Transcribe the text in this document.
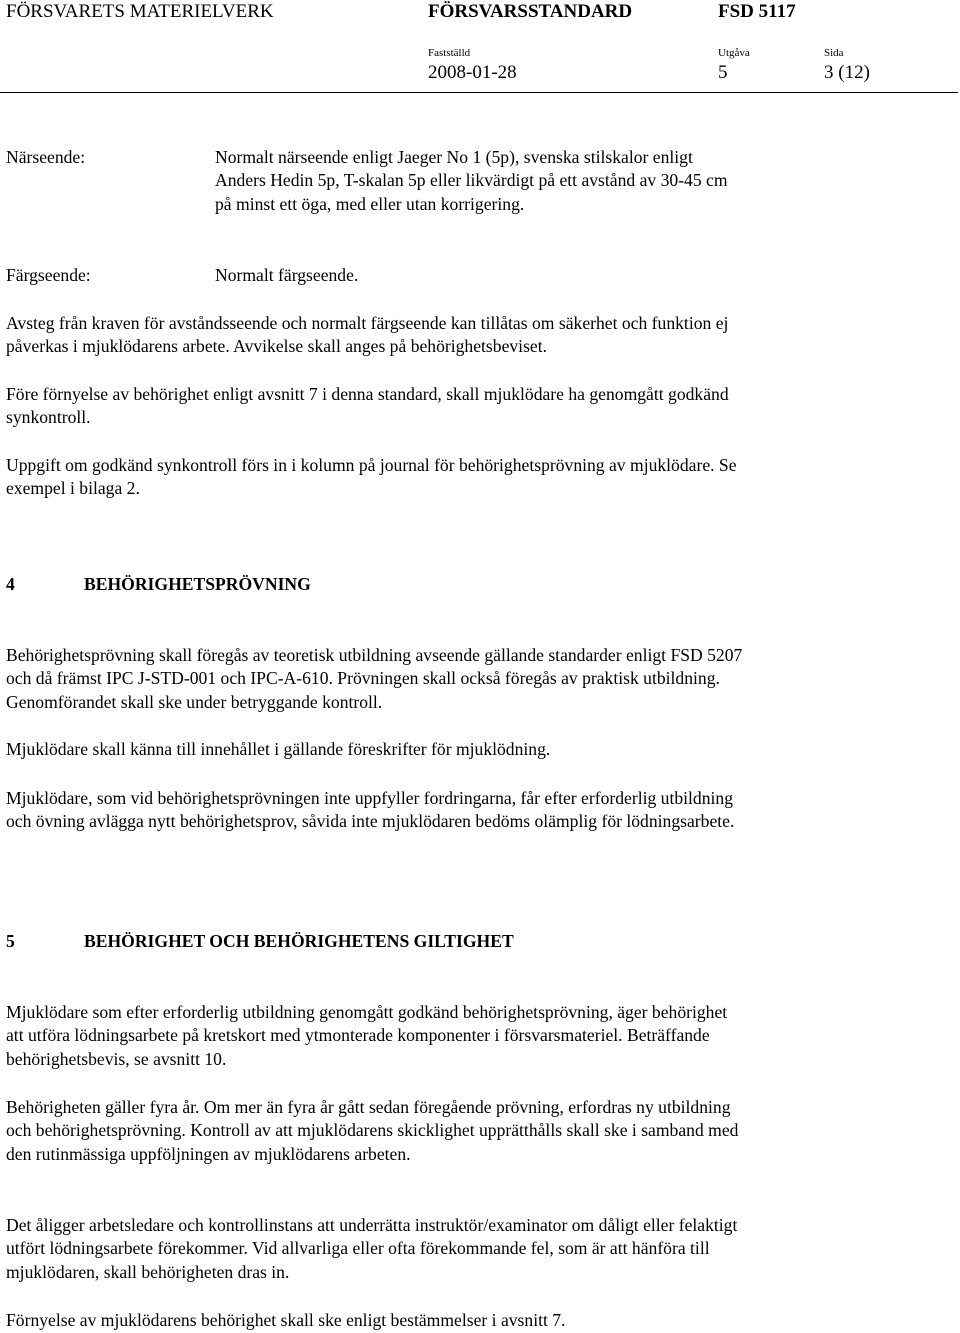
FÖRSVARETS MATERIELVERK	FÖRSVARSSTANDARD	FSD 5117
Fastställd	Utgåva	Sida
2008-01-28	5	3 (12)
Närseende:	Normalt närseende enligt Jaeger No 1 (5p), svenska stilskalor enligt Anders Hedin 5p, T-skalan 5p eller likvärdigt på ett avstånd av 30-45 cm på minst ett öga, med eller utan korrigering.
Färgseende:	Normalt färgseende.
Avsteg från kraven för avståndsseende och normalt färgseende kan tillåtas om säkerhet och funktion ej påverkas i mjuklödarens arbete. Avvikelse skall anges på behörighetsbeviset.
Före förnyelse av behörighet enligt avsnitt 7 i denna standard, skall mjuklödare ha genomgått godkänd synkontroll.
Uppgift om godkänd synkontroll förs in i kolumn på journal för behörighetsprövning av mjuklödare. Se exempel i bilaga 2.
4	BEHÖRIGHETSPRÖVNING
Behörighetsprövning skall föregås av teoretisk utbildning avseende gällande standarder enligt FSD 5207 och då främst IPC J-STD-001 och IPC-A-610. Prövningen skall också föregås av praktisk utbildning. Genomförandet skall ske under betryggande kontroll.
Mjuklödare skall känna till innehållet i gällande föreskrifter för mjuklödning.
Mjuklödare, som vid behörighetsprövningen inte uppfyller fordringarna, får efter erforderlig utbildning och övning avlägga nytt behörighetsprov, såvida inte mjuklödaren bedöms olämplig för lödningsarbete.
5	BEHÖRIGHET OCH BEHÖRIGHETENS GILTIGHET
Mjuklödare som efter erforderlig utbildning genomgått godkänd behörighetsprövning, äger behörighet att utföra lödningsarbete på kretskort med ytmonterade komponenter i försvarsmateriel. Beträffande behörighetsbevis, se avsnitt 10.
Behörigheten gäller fyra år. Om mer än fyra år gått sedan föregående prövning, erfordras ny utbildning och behörighetsprövning. Kontroll av att mjuklödarens skicklighet upprätthålls skall ske i samband med den rutinmässiga uppföljningen av mjuklödarens arbeten.
Det åligger arbetsledare och kontrollinstans att underrätta instruktör/examinator om dåligt eller felaktigt utfört lödningsarbete förekommer. Vid allvarliga eller ofta förekommande fel, som är att hänföra till mjuklödaren, skall behörigheten dras in.
Förnyelse av mjuklödarens behörighet skall ske enligt bestämmelser i avsnitt 7.
